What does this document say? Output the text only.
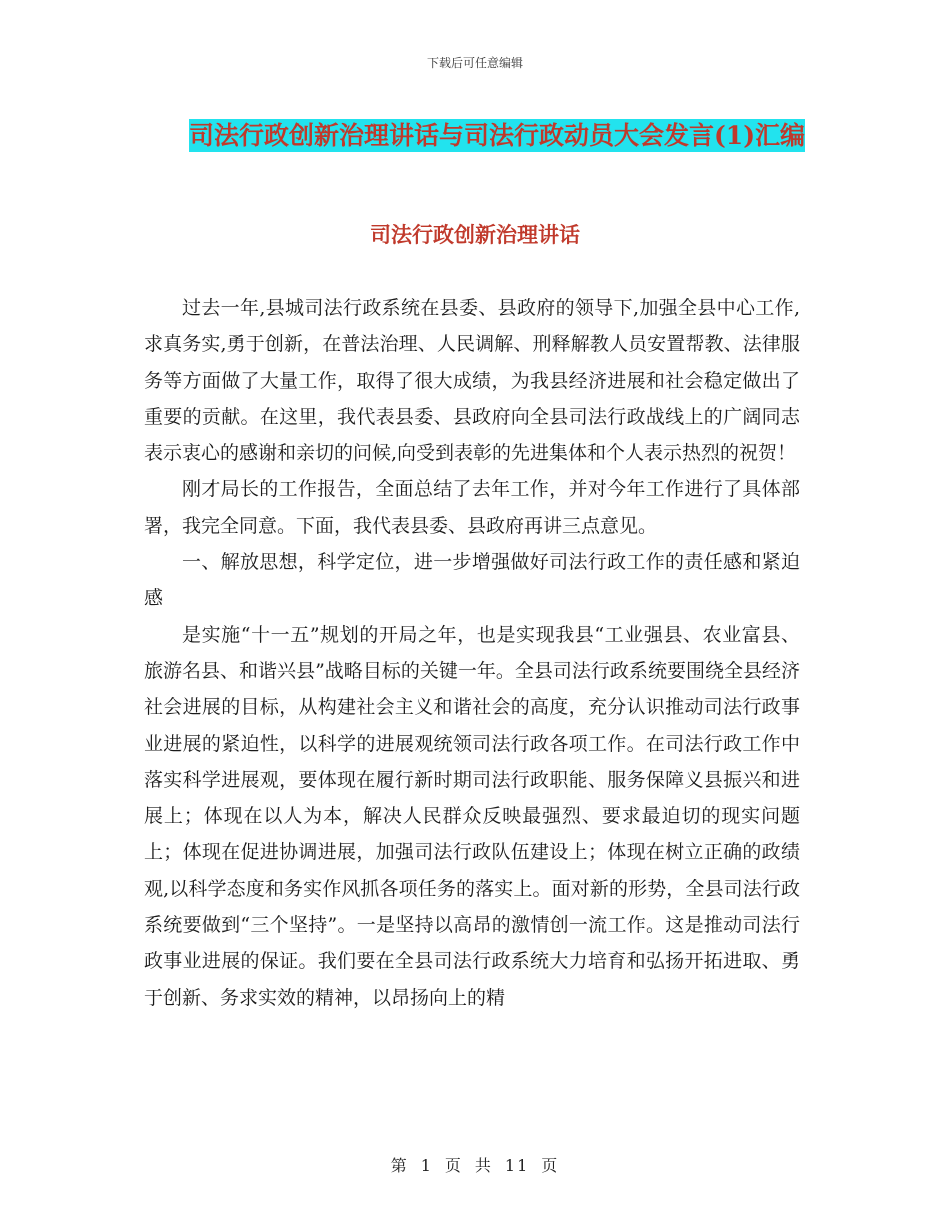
下载后可任意编辑
司法行政创新治理讲话与司法行政动员大会发言(1)汇编
司法行政创新治理讲话

过去一年,县城司法行政系统在县委、县政府的领导下,加强全县中心工作,求真务实,勇于创新，在普法治理、人民调解、刑释解教人员安置帮教、法律服务等方面做了大量工作，取得了很大成绩，为我县经济进展和社会稳定做出了重要的贡献。在这里，我代表县委、县政府向全县司法行政战线上的广阔同志表示衷心的感谢和亲切的问候,向受到表彰的先进集体和个人表示热烈的祝贺！

刚才局长的工作报告，全面总结了去年工作，并对今年工作进行了具体部署，我完全同意。下面，我代表县委、县政府再讲三点意见。

一、解放思想，科学定位，进一步增强做好司法行政工作的责任感和紧迫感

是实施“十一五”规划的开局之年，也是实现我县“工业强县、农业富县、旅游名县、和谐兴县”战略目标的关键一年。全县司法行政系统要围绕全县经济社会进展的目标，从构建社会主义和谐社会的高度，充分认识推动司法行政事业进展的紧迫性，以科学的进展观统领司法行政各项工作。在司法行政工作中落实科学进展观，要体现在履行新时期司法行政职能、服务保障义县振兴和进展上；体现在以人为本，解决人民群众反映最强烈、要求最迫切的现实问题上；体现在促进协调进展，加强司法行政队伍建设上；体现在树立正确的政绩观,以科学态度和务实作风抓各项任务的落实上。面对新的形势，全县司法行政系统要做到“三个坚持”。一是坚持以高昂的激情创一流工作。这是推动司法行政事业进展的保证。我们要在全县司法行政系统大力培育和弘扬开拓进取、勇于创新、务求实效的精神，以昂扬向上的精

第 1 页 共 11 页
